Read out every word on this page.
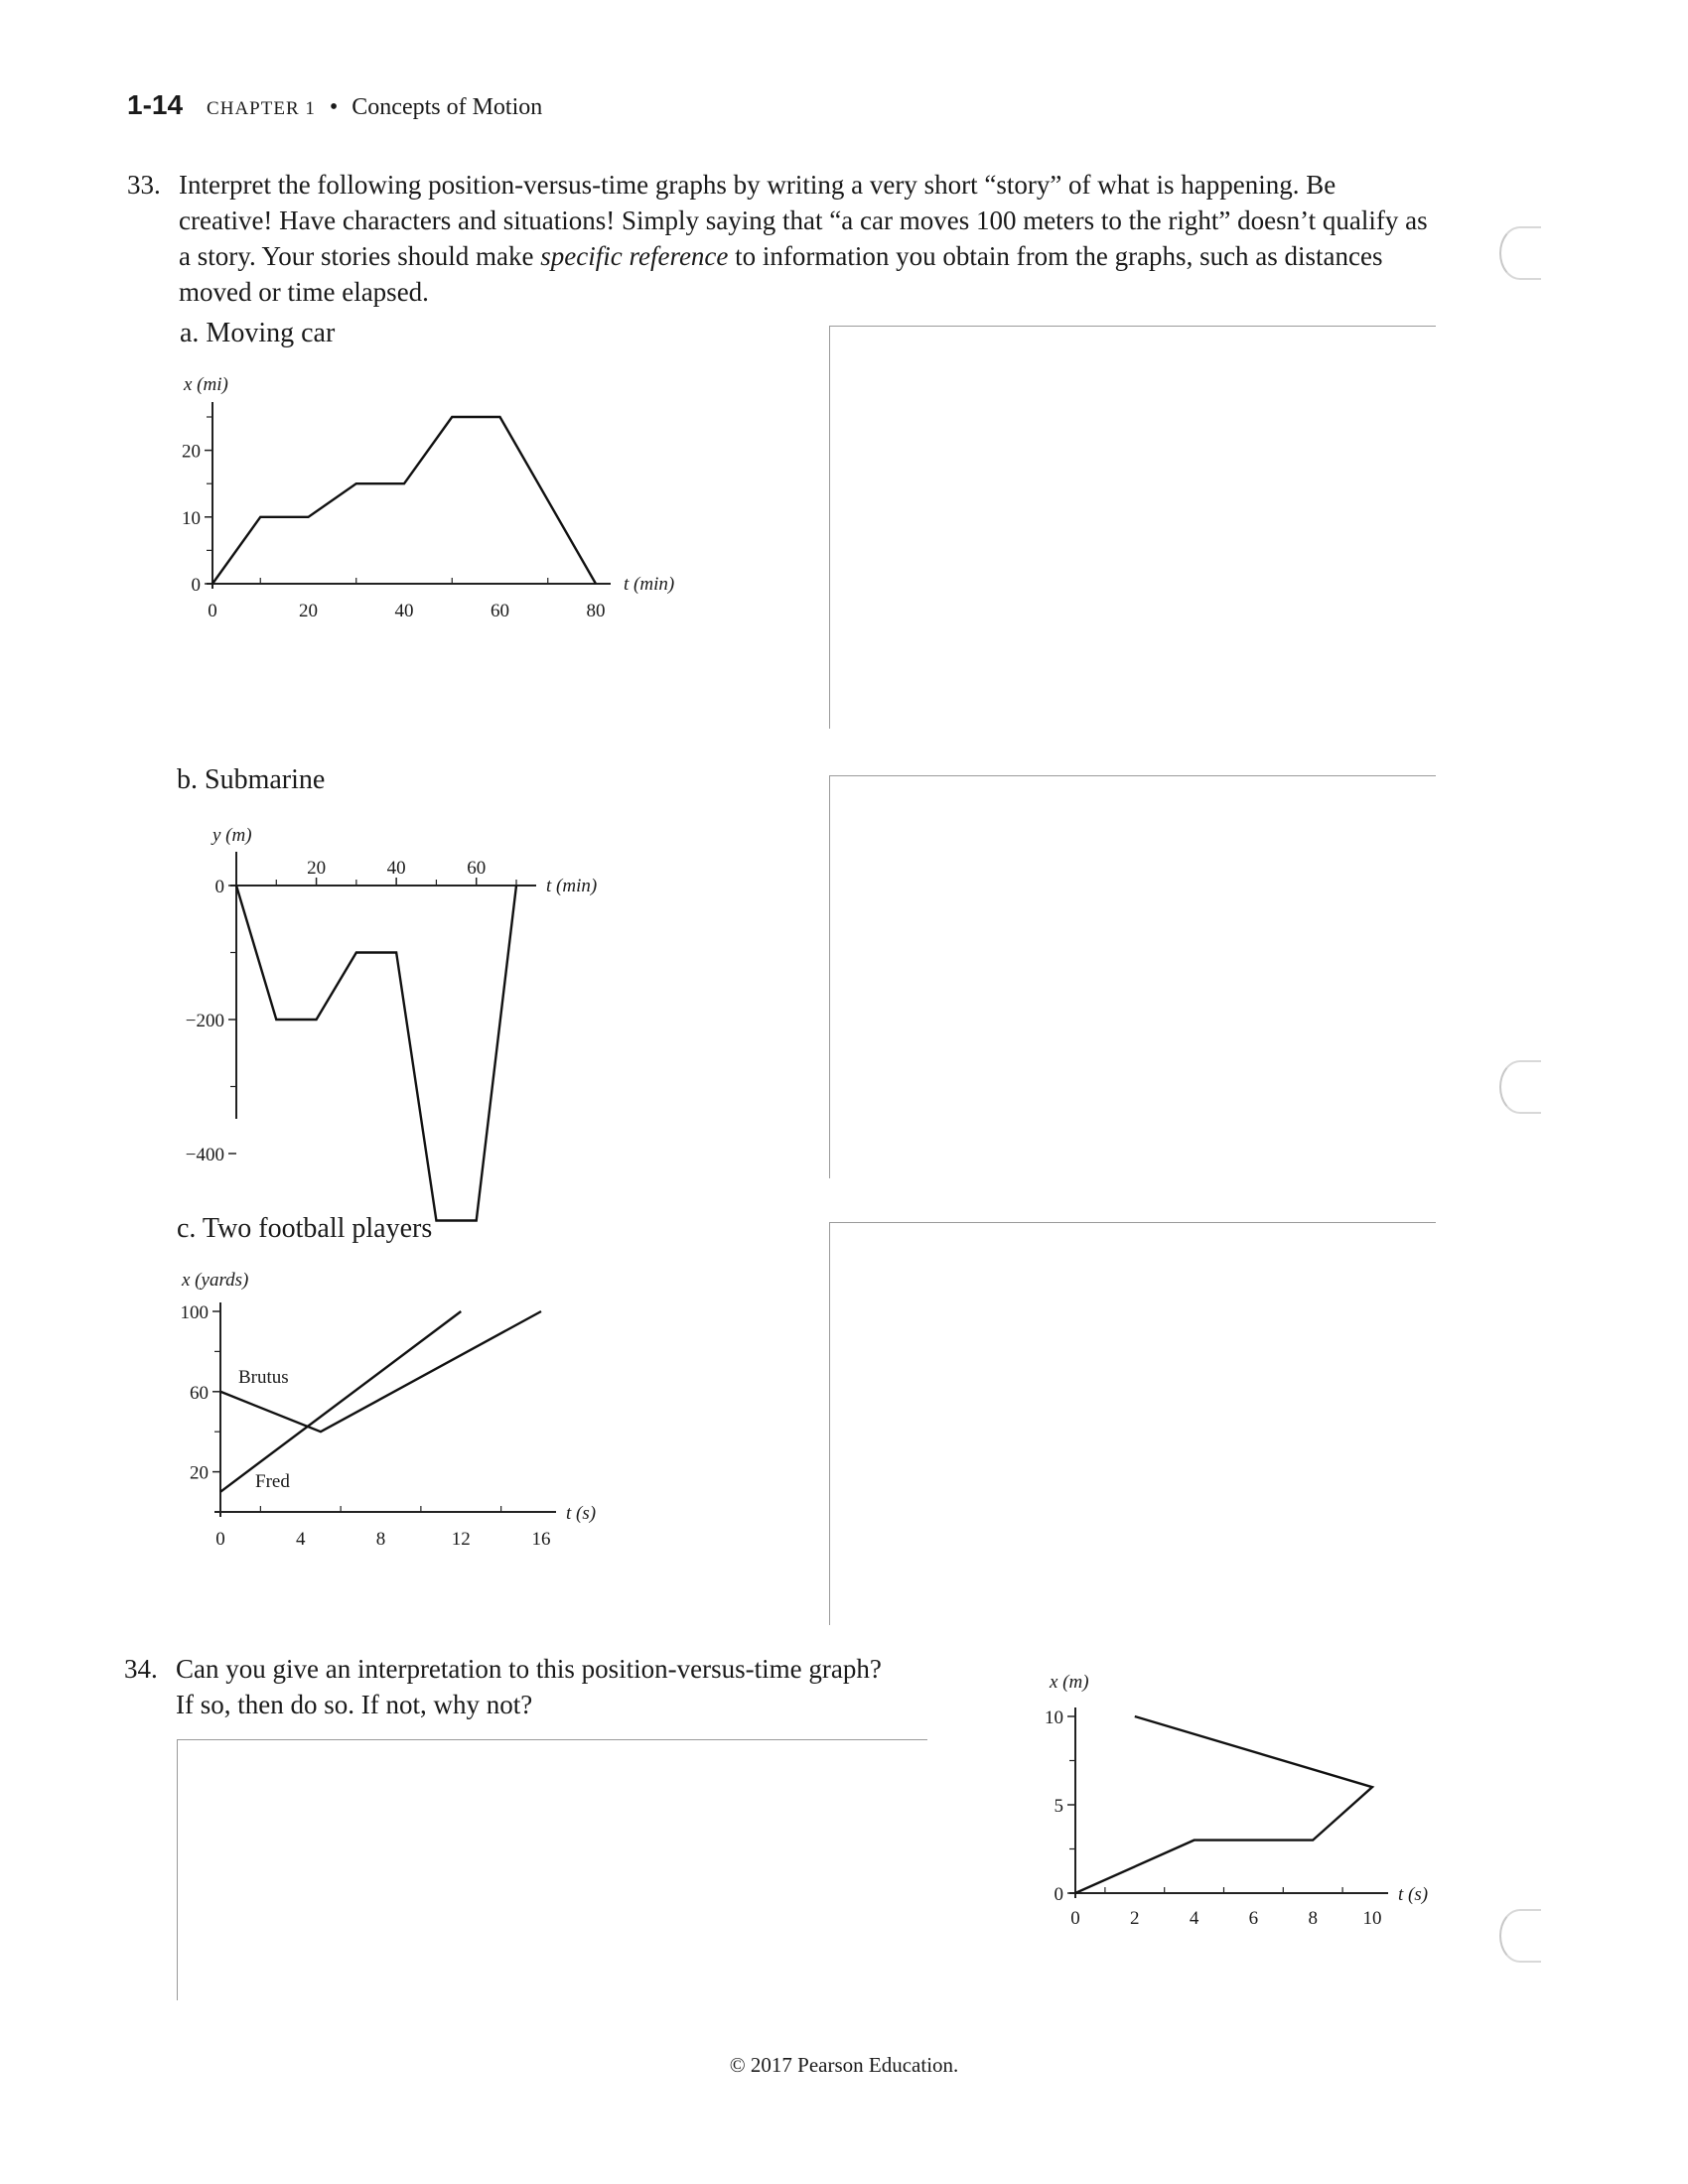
1-14 CHAPTER 1 • Concepts of Motion
33. Interpret the following position-versus-time graphs by writing a very short “story” of what is happening. Be creative! Have characters and situations! Simply saying that “a car moves 100 meters to the right” doesn’t qualify as a story. Your stories should make specific reference to information you obtain from the graphs, such as distances moved or time elapsed.
a. Moving car
b. Submarine
c. Two football players
0	20	40	60	80
0
10
20
t (min)
x (mi)
20	40	60
0
−200
−400
t (min)
y (m)
0	4	8	12	16
100
60
20
t (s)
x (yards)
Brutus
Fred
0	2	4	6	8 10
0
5
10
t (s)
x (m)
34. Can you give an interpretation to this position-versus-time graph?
If so, then do so. If not, why not?
© 2017 Pearson Education.
